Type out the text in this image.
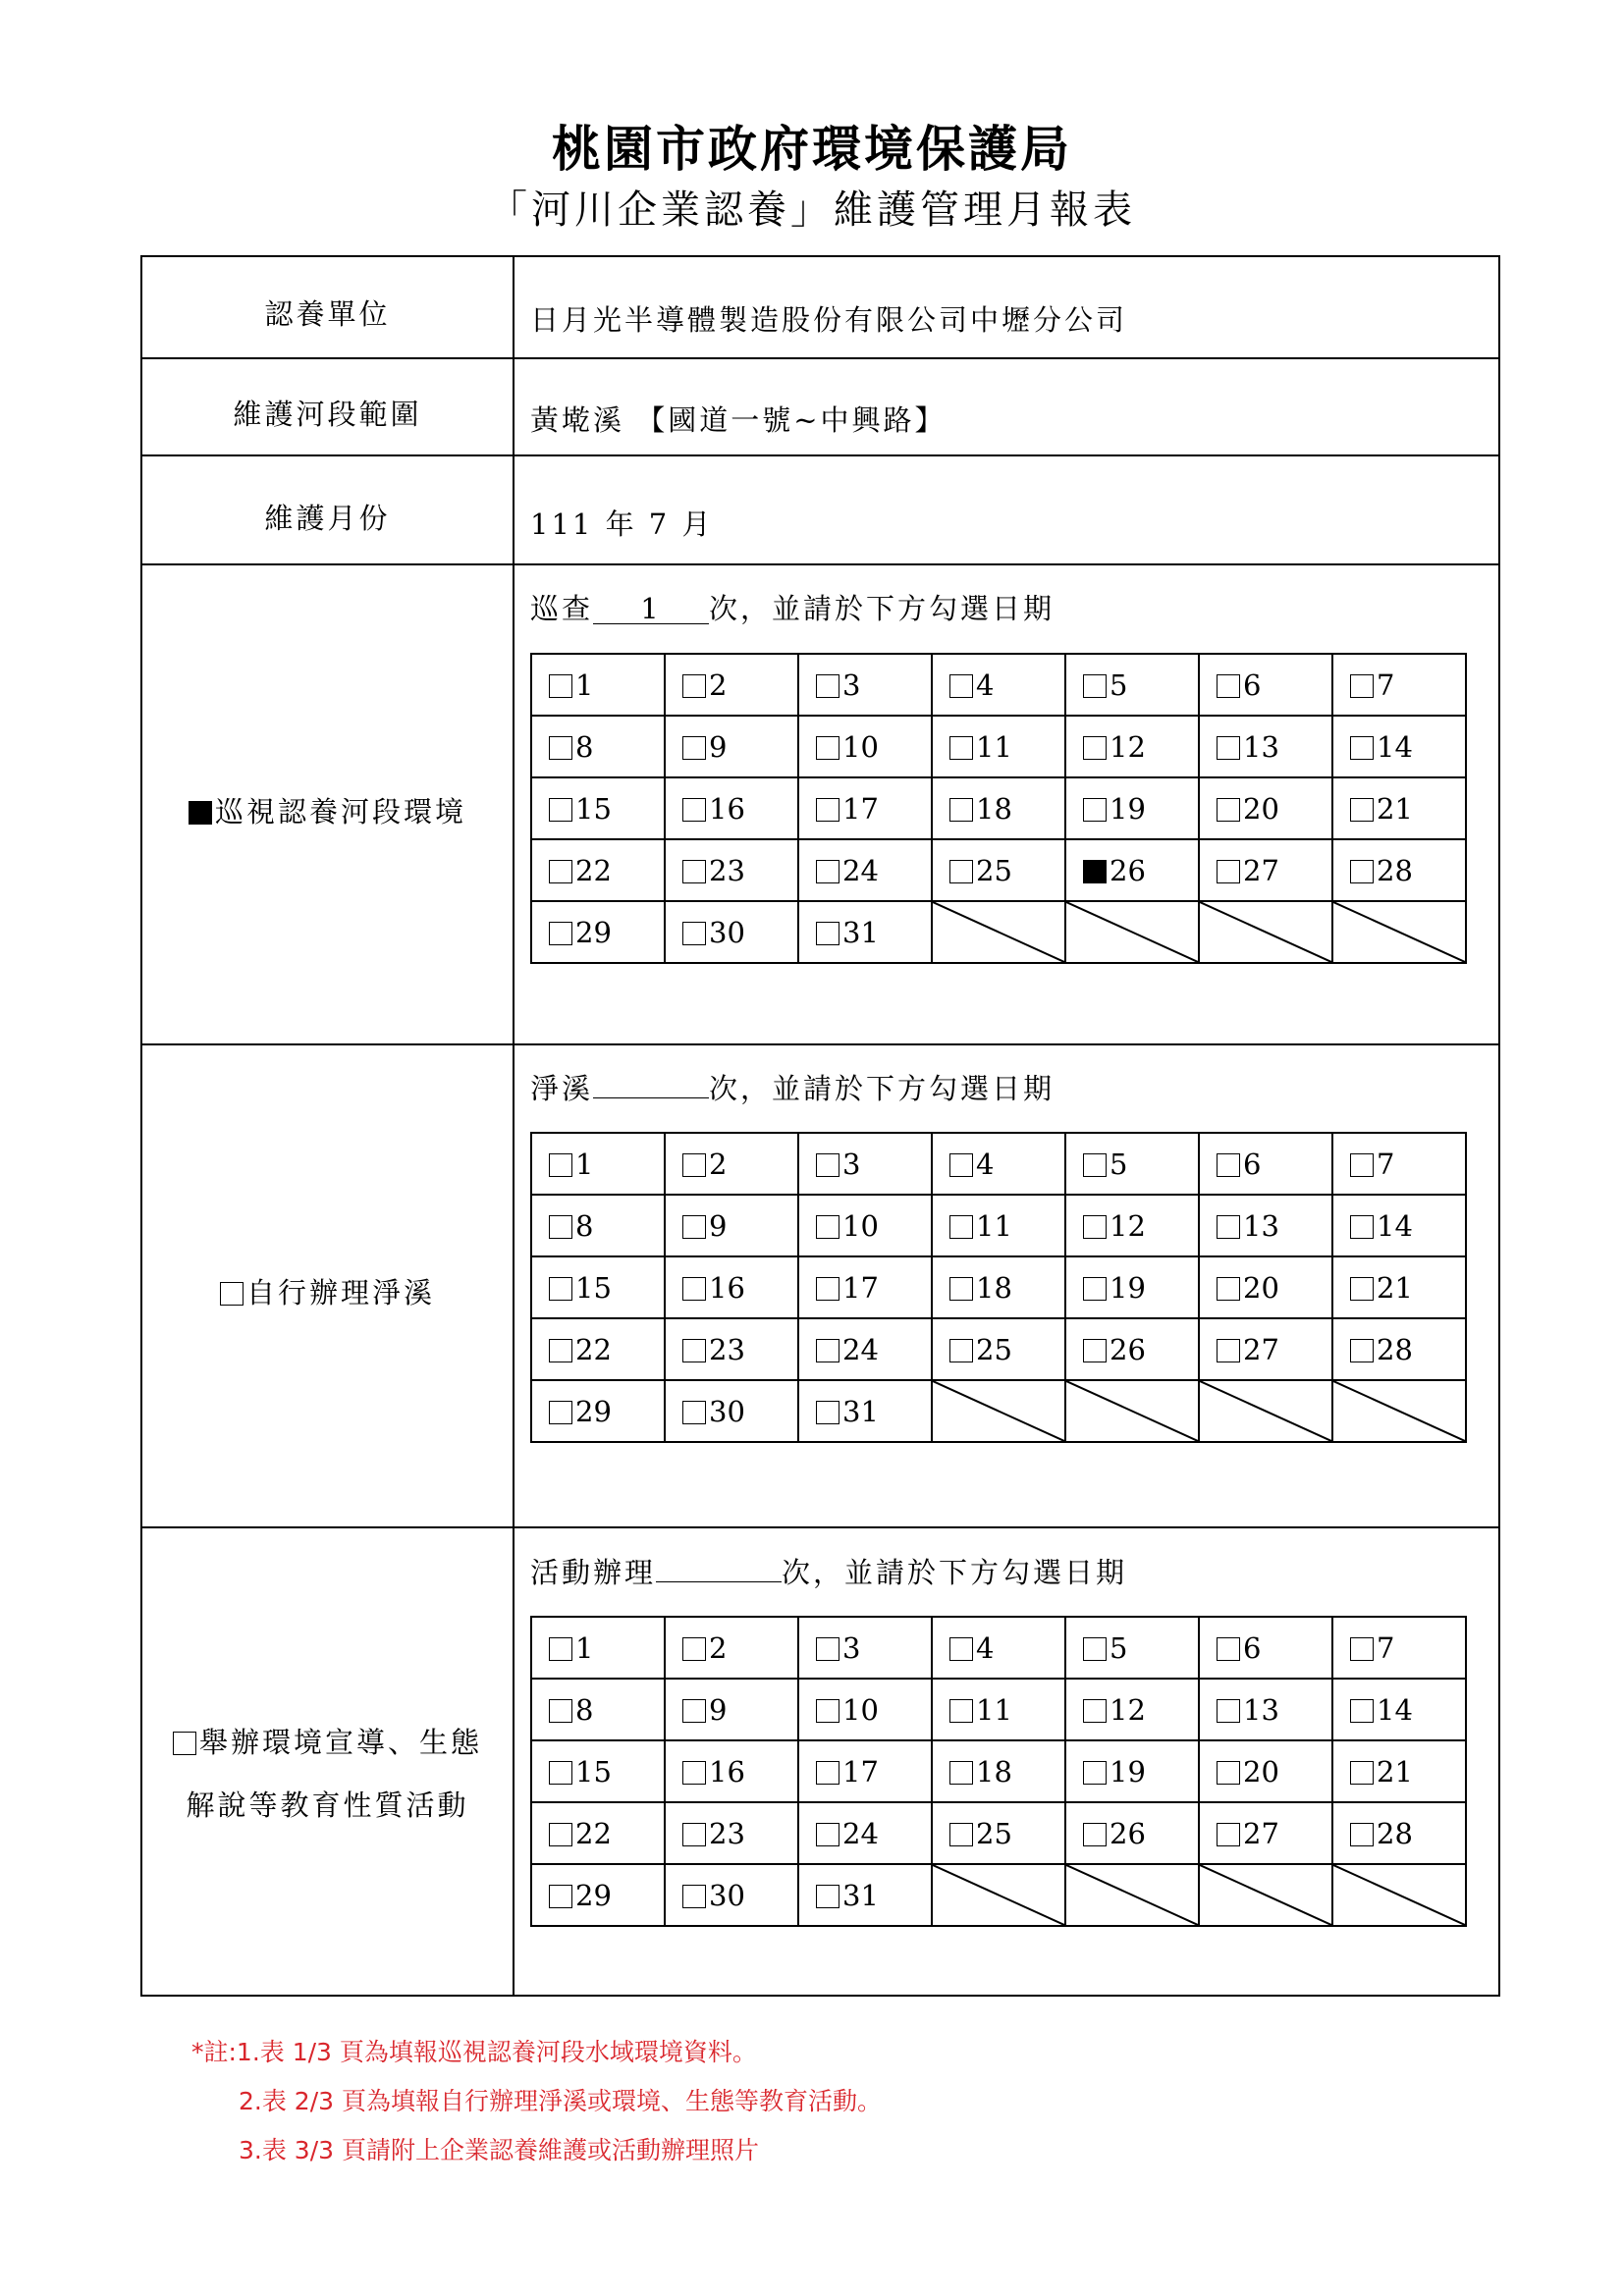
桃園市政府環境保護局
「河川企業認養」維護管理月報表
認養單位	日月光半導體製造股份有限公司中壢分公司
維護河段範圍	黃墘溪 【國道一號~中興路】
維護月份	111 年 7 月
巡視認養河段環境
巡查 1 次，並請於下方勾選日期
1	2	3	4	5	6	7
8	9	10	11	12	13	14
15	16	17	18	19	20	21
22	23	24	25	26	27	28
29	30	31	

自行辦理淨溪
淨溪	次，並請於下方勾選日期
1	2	3	4	5	6	7
8	9	10	11	12	13	14
15	16	17	18	19	20	21
22	23	24	25	26	27	28
29	30	31	

舉辦環境宣導、生態
解說等教育性質活動
活動辦理	次，並請於下方勾選日期
1	2	3	4	5	6	7
8	9	10	11	12	13	14
15	16	17	18	19	20	21
22	23	24	25	26	27	28
29	30	31	

*註:1.表 1/3 頁為填報巡視認養河段水域環境資料。
2.表 2/3 頁為填報自行辦理淨溪或環境、生態等教育活動。
3.表 3/3 頁請附上企業認養維護或活動辦理照片
